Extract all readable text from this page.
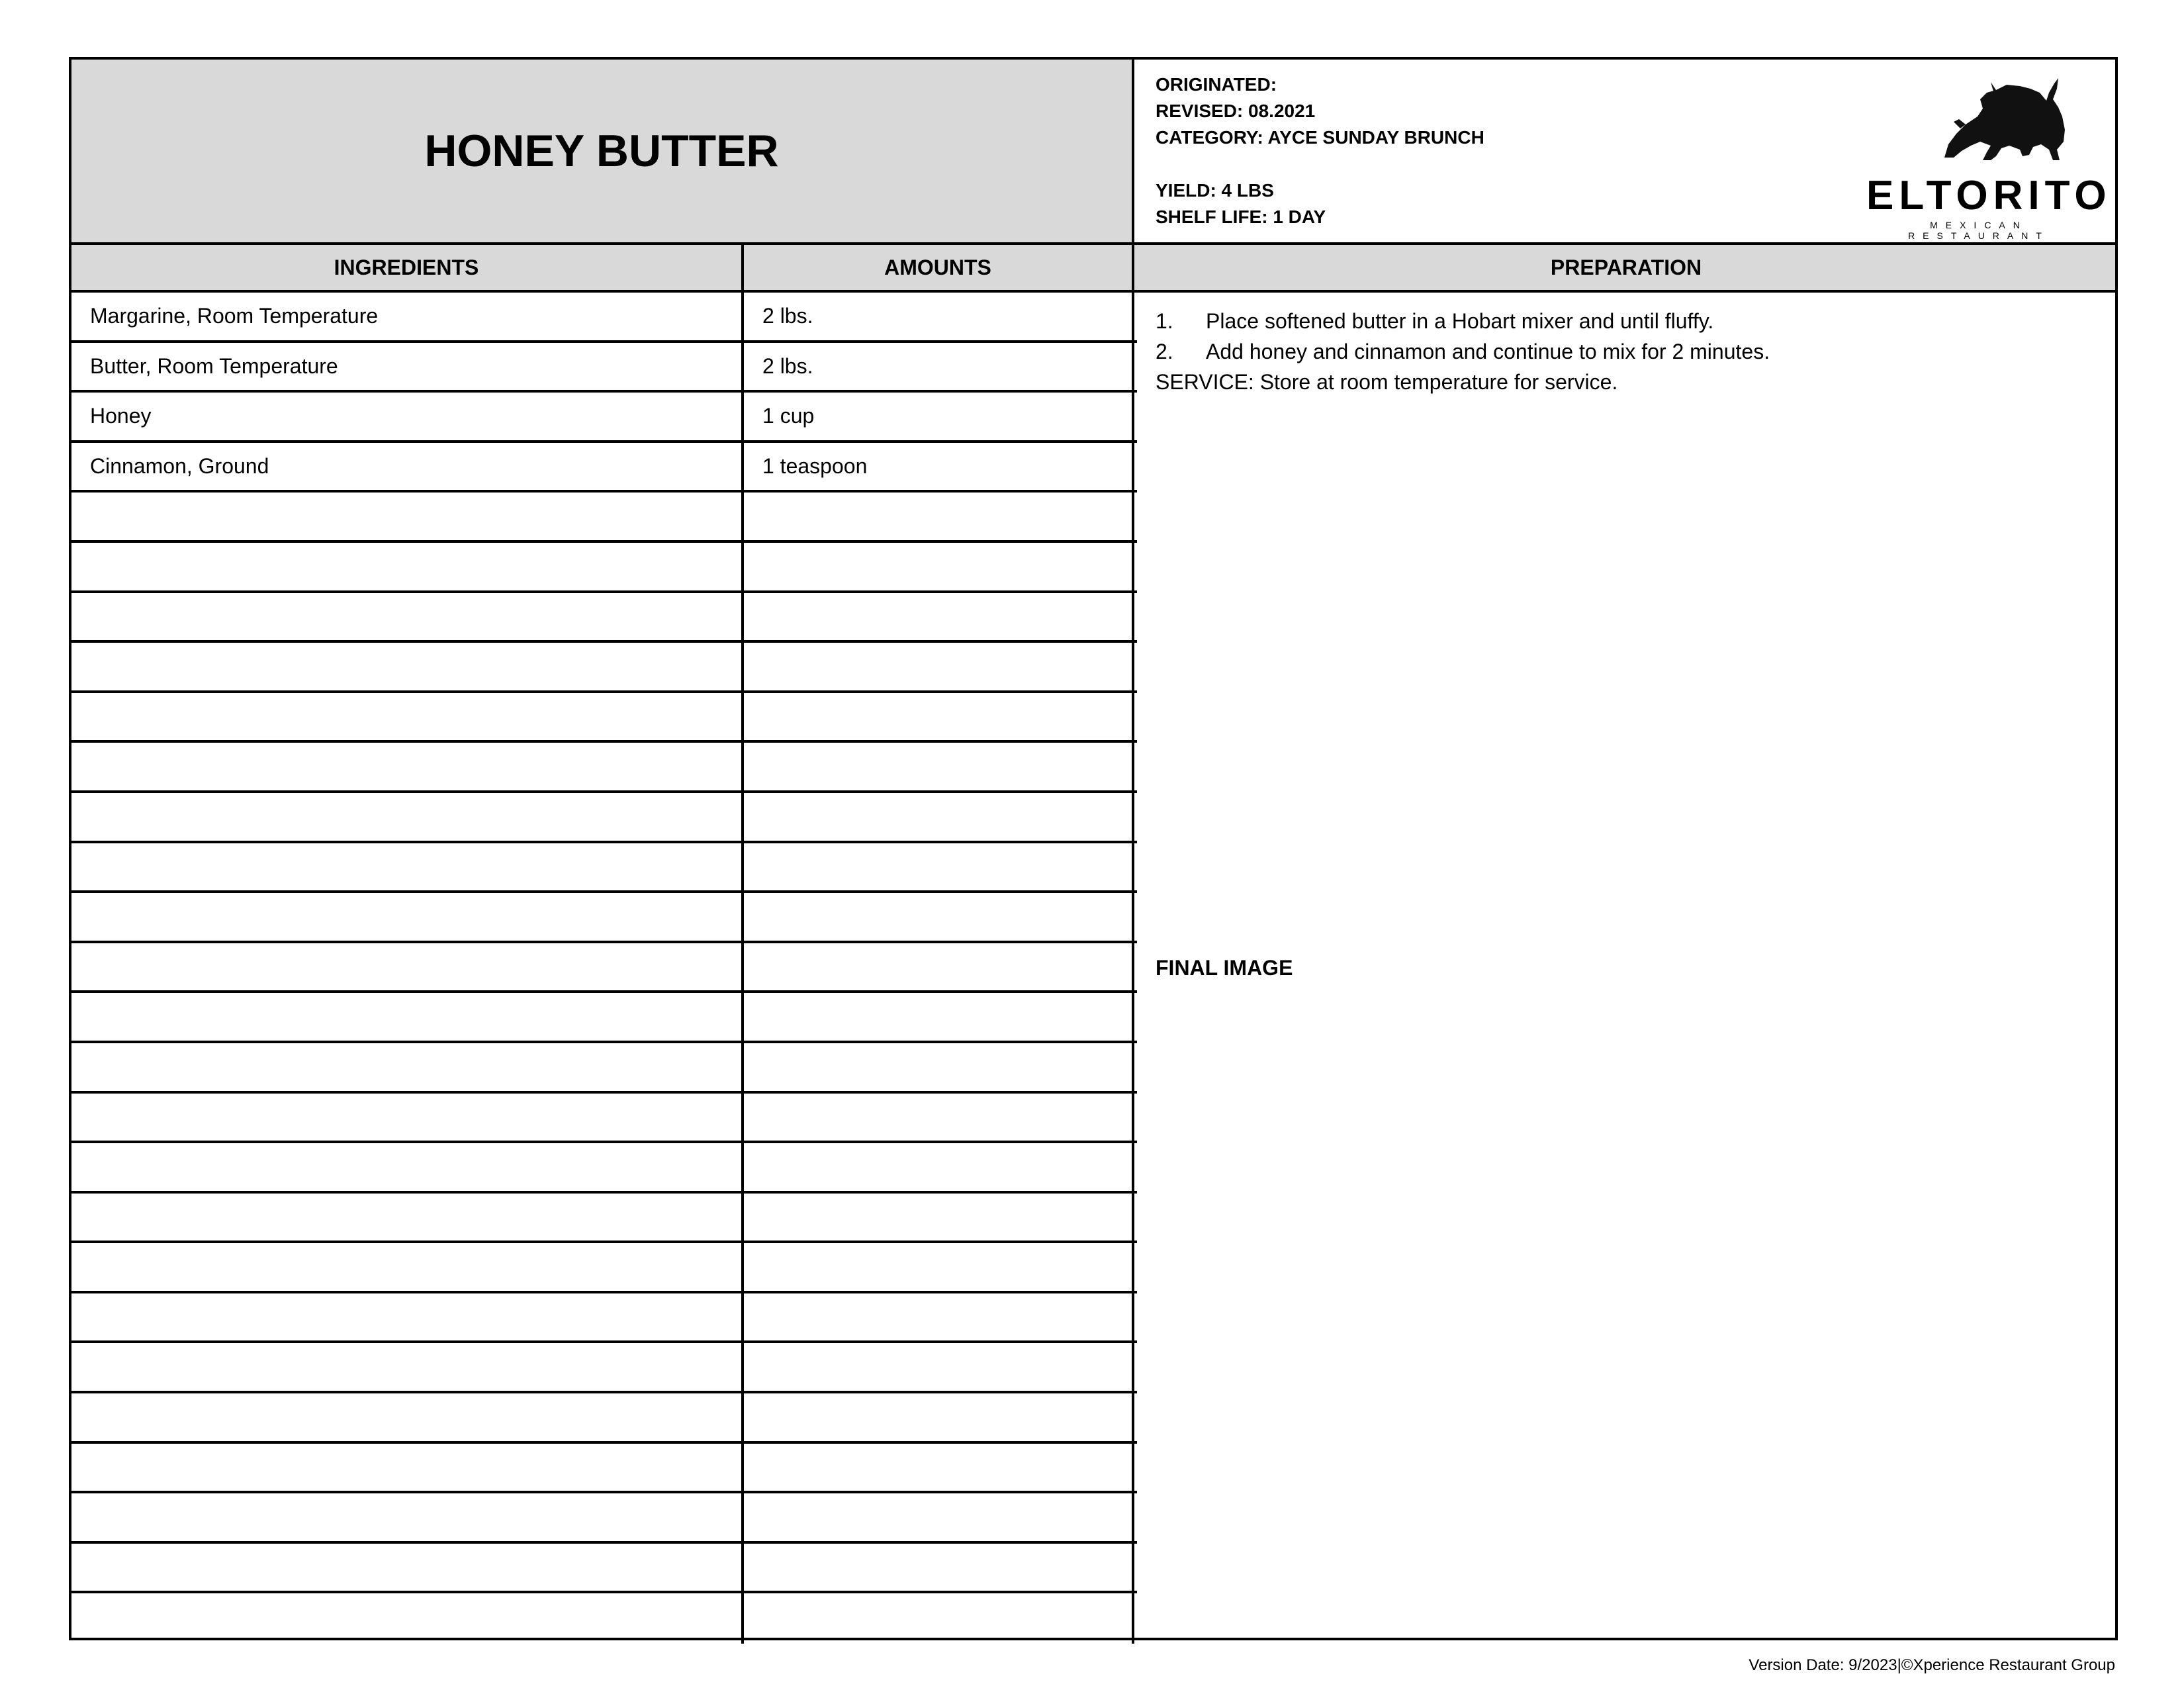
HONEY BUTTER
ORIGINATED:
REVISED: 08.2021
CATEGORY: AYCE SUNDAY BRUNCH
YIELD: 4 LBS
SHELF LIFE: 1 DAY	ELTORITO
MEXICAN RESTAURANT
INGREDIENTS	AMOUNTS	PREPARATION
Margarine, Room Temperature	2 lbs.
Butter, Room Temperature	2 lbs.
Honey	1 cup
Cinnamon, Ground	1 teaspoon
1.	Place softened butter in a Hobart mixer and until fluffy.
2.	Add honey and cinnamon and continue to mix for 2 minutes.
SERVICE: Store at room temperature for service.
FINAL IMAGE
Version Date: 9/2023|©Xperience Restaurant Group
